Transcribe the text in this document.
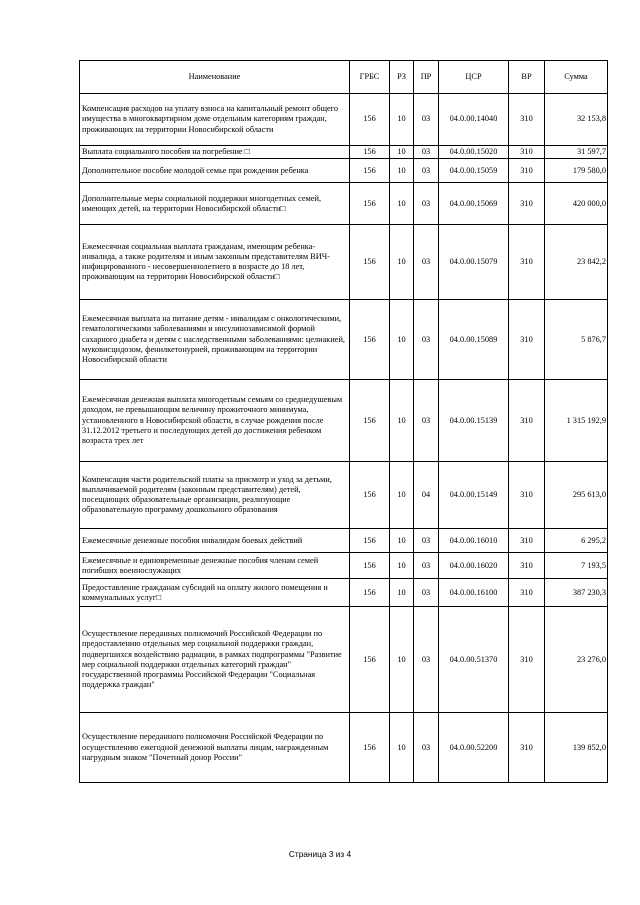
Наименование	ГРБС	РЗ	ПР	ЦСР	ВР	Сумма
Компенсация расходов на уплату взноса на капитальный ремонт общего имущества в многоквартирном доме отдельным категориям граждан, проживающих на территории Новосибирской области	156	10	03	04.0.00.14040	310	32 153,8
Выплата социального пособия на погребение □	156	10	03	04.0.00.15020	310	31 597,7
Дополнительное пособие молодой семье при рождении ребенка	156	10	03	04.0.00.15059	310	179 580,0
Дополнительные меры социальной поддержки многодетных семей, имеющих детей, на территории Новосибирской области□	156	10	03	04.0.00.15069	310	420 000,0
Ежемесячная социальная выплата гражданам, имеющим ребенка-инвалида, а также родителям и иным законным представителям ВИЧ-инфицированного - несовершеннолетнего в возрасте до 18 лет, проживающим на территории Новосибирской области□	156	10	03	04.0.00.15079	310	23 842,2
Ежемесячная выплата на питание детям - инвалидам с онкологическими, гематологическими заболеваниями и инсулинозависимой формой сахарного диабета и детям с наследственными заболеваниями: целиакией, муковисцидозом, фенилкетонурией, проживающим на территории Новосибирской области	156	10	03	04.0.00.15089	310	5 876,7
Ежемесячная денежная выплата многодетным семьям со среднедушевым доходом, не превышающим величину прожиточного минимума, установленного в Новосибирской области, в случае рождения после 31.12.2012 третьего и последующих детей до достижения ребенком возраста трех лет	156	10	03	04.0.00.15139	310	1 315 192,9
Компенсация части родительской платы за присмотр и уход за детьми, выплачиваемой родителям (законным представителям) детей, посещающих образовательные организации, реализующие образовательную программу дошкольного образования	156	10	04	04.0.00.15149	310	295 613,0
Ежемесячные денежные пособия инвалидам боевых действий	156	10	03	04.0.00.16010	310	6 295,2
Ежемесячные и единовременные денежные пособия членам семей погибших военнослужащих	156	10	03	04.0.00.16020	310	7 193,5
Предоставление гражданам субсидий на оплату жилого помещения и коммунальных услуг□	156	10	03	04.0.00.16100	310	387 230,3
Осуществление переданных полномочий Российской Федерации по предоставлению отдельных мер социальной поддержки граждан, подвергшихся воздействию радиации, в рамках подпрограммы "Развитие мер социальной поддержки отдельных категорий граждан" государственной программы Российской Федерации "Социальная поддержка граждан"	156	10	03	04.0.00.51370	310	23 276,0
Осуществление переданного полномочия Российской Федерации по осуществлению ежегодной денежной выплаты лицам, награжденным нагрудным знаком "Почетный донор России"	156	10	03	04.0.00.52200	310	139 852,0
Страница 3 из 4
